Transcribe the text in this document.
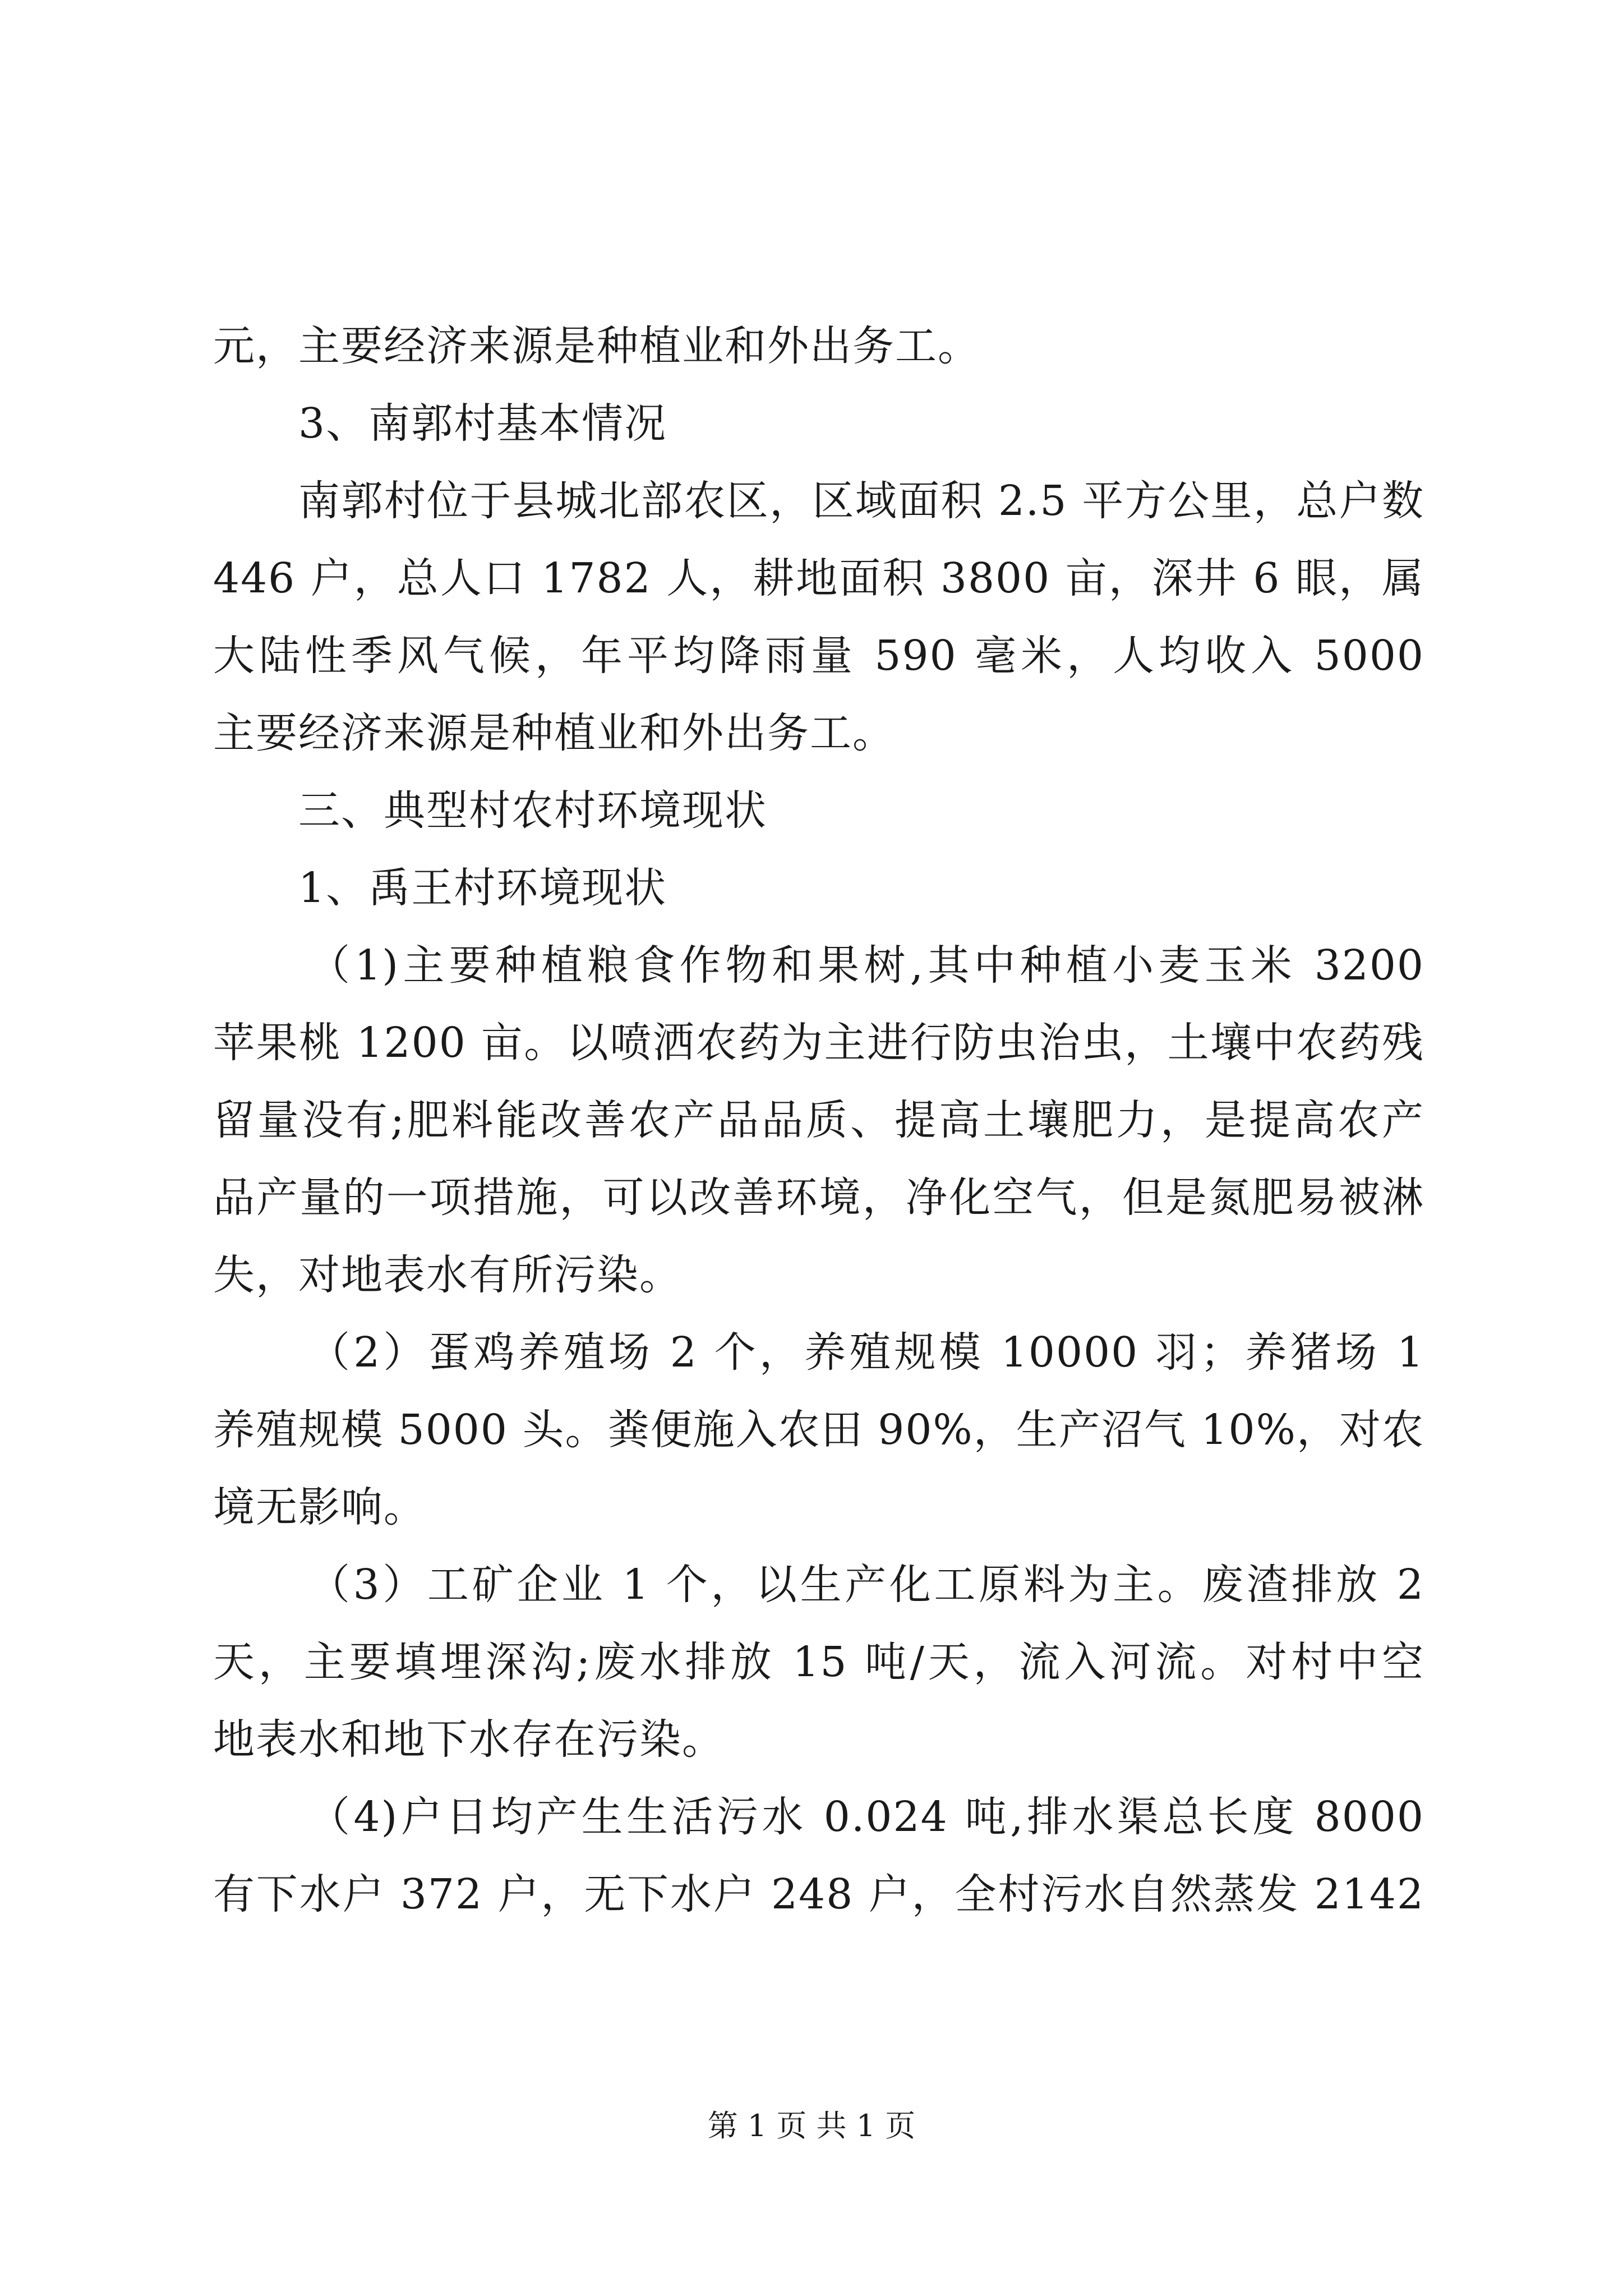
元，主要经济来源是种植业和外出务工。
3、南郭村基本情况
南郭村位于县城北部农区，区域面积 2.5 平方公里，总户数
446 户，总人口 1782 人，耕地面积 3800 亩，深井 6 眼，属
大陆性季风气候，年平均降雨量 590 毫米，人均收入 5000
主要经济来源是种植业和外出务工。
三、典型村农村环境现状
1、禹王村环境现状
（1)主要种植粮食作物和果树,其中种植小麦玉米 3200
苹果桃 1200 亩。以喷洒农药为主进行防虫治虫，土壤中农药残
留量没有;肥料能改善农产品品质、提高土壤肥力，是提高农产
品产量的一项措施，可以改善环境，净化空气，但是氮肥易被淋
失，对地表水有所污染。
（2）蛋鸡养殖场 2 个，养殖规模 10000 羽；养猪场 1
养殖规模 5000 头。粪便施入农田 90%，生产沼气 10%，对农
境无影响。
（3）工矿企业 1 个，以生产化工原料为主。废渣排放 2
天，主要填埋深沟;废水排放 15 吨/天，流入河流。对村中空
地表水和地下水存在污染。
（4)户日均产生生活污水 0.024 吨,排水渠总长度 8000
有下水户 372 户，无下水户 248 户，全村污水自然蒸发 2142
第 1 页 共 1 页
